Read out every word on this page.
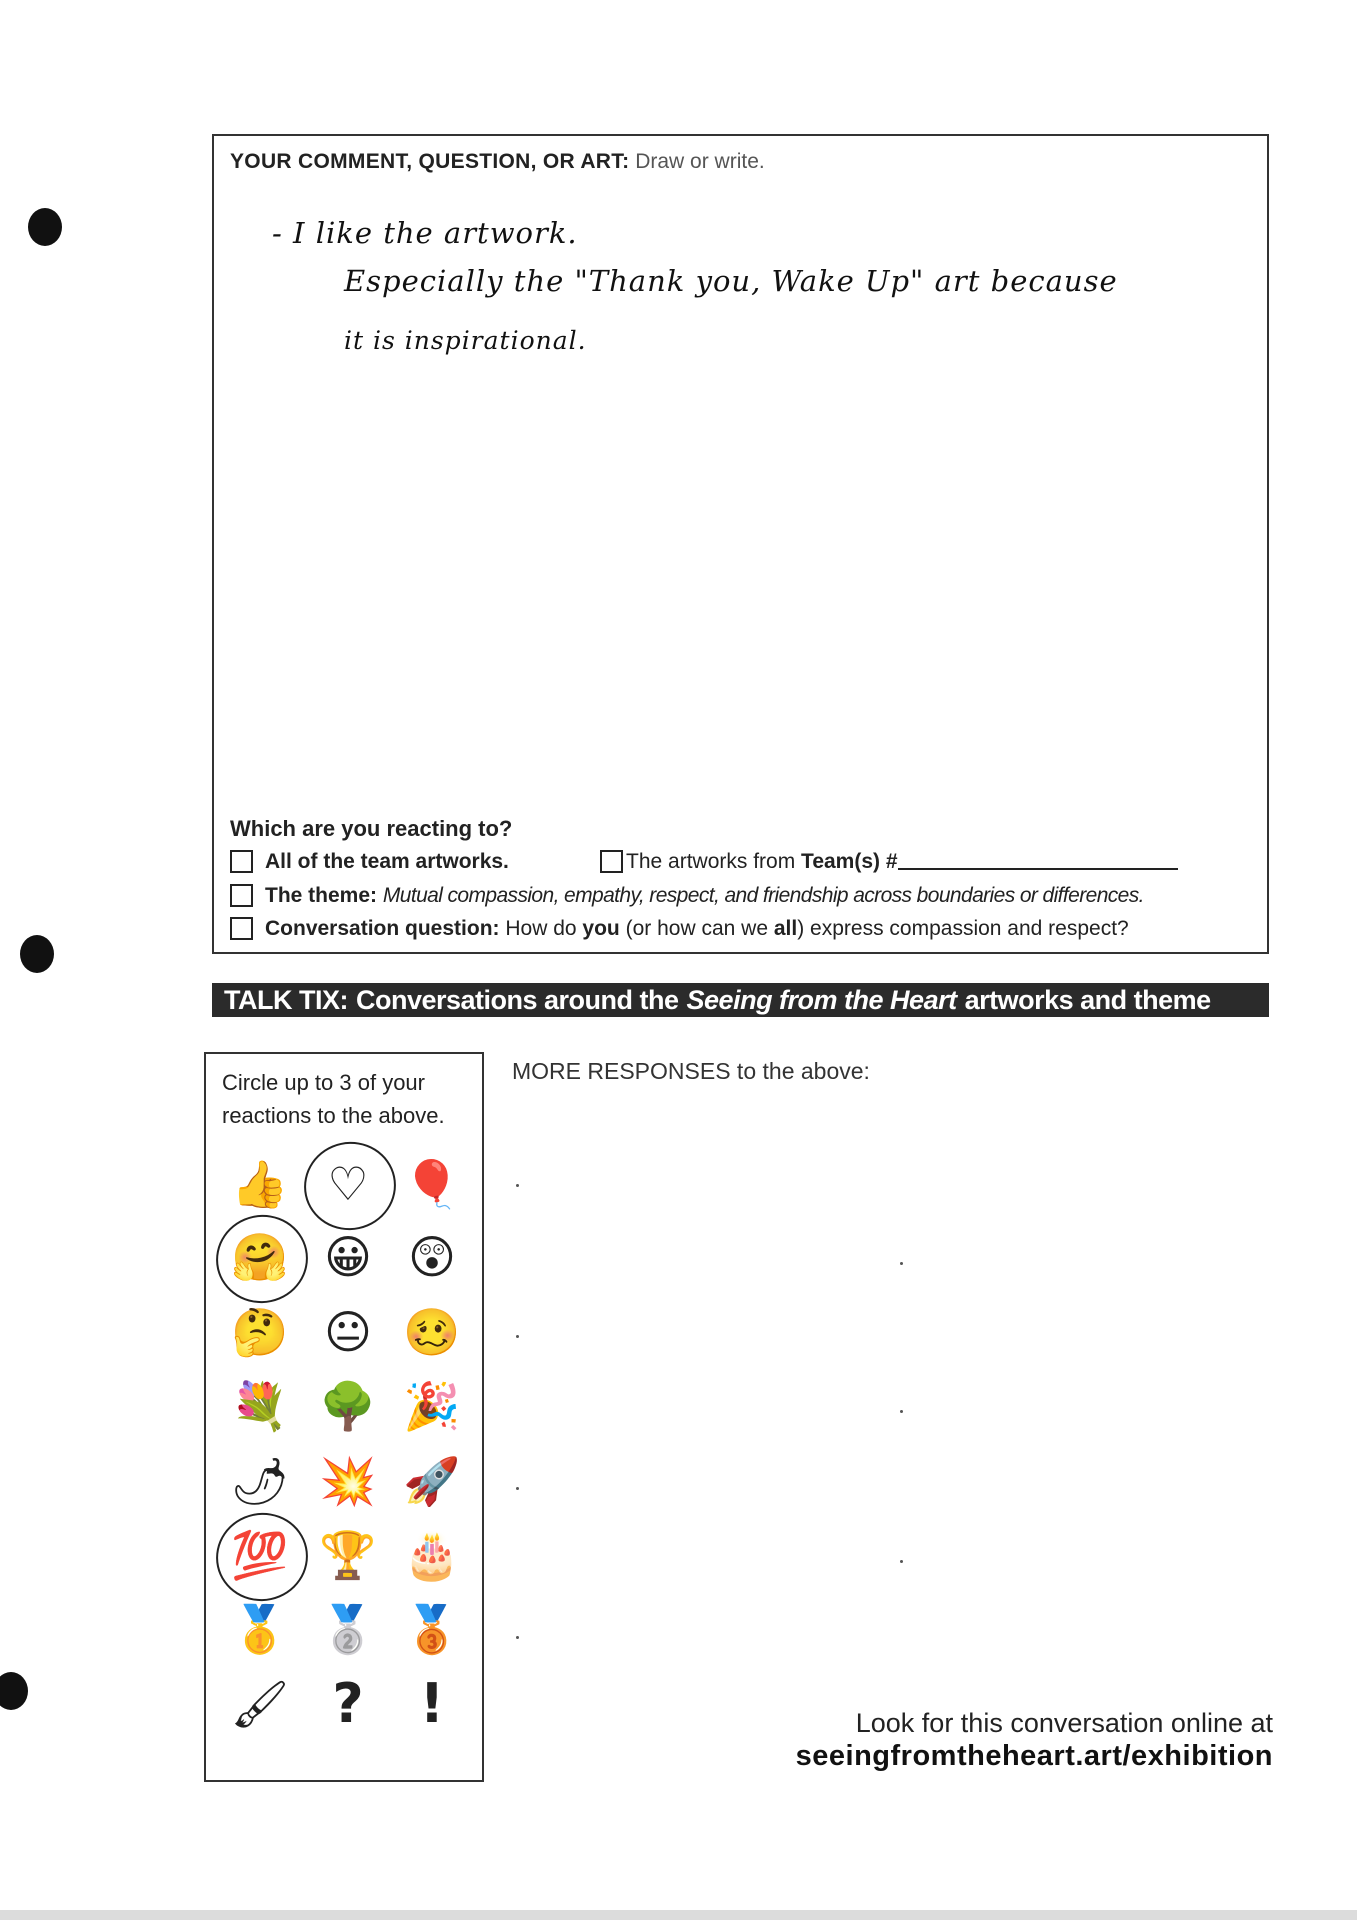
YOUR COMMENT, QUESTION, OR ART: Draw or write.
- I like the artwork.
Especially the "Thank you, Wake Up" art because
it is inspirational.
Which are you reacting to?
All of the team artworks.	The artworks from Team(s) #
The theme: Mutual compassion, empathy, respect, and friendship across boundaries or differences.
Conversation question: How do you (or how can we all) express compassion and respect?
TALK TIX: Conversations around the Seeing from the Heart artworks and theme
Circle up to 3 of your reactions to the above.
👍 ♡ 🎈
🤗 😀 😲
🤔 😐 🥴
💐 🌳 🎉
🌶 💥 🚀
💯 🏆 🎂
🥇 🥈 🥉
🖌 ?	!
MORE RESPONSES to the above:
Look for this conversation online at
seeingfromtheheart.art/exhibition
